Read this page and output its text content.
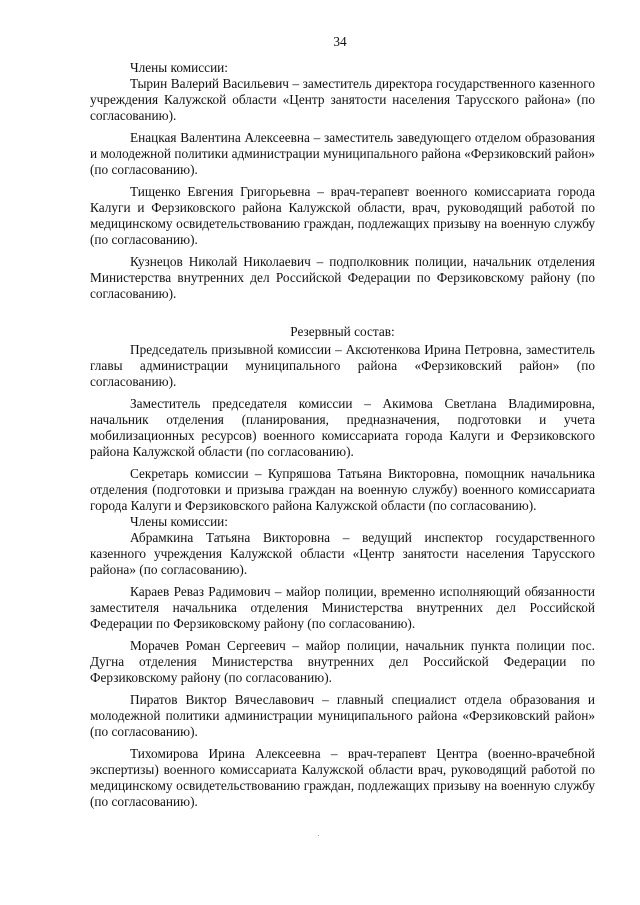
34

Члены комиссии:

Тырин Валерий Васильевич – заместитель директора государственного казенного учреждения Калужской области «Центр занятости населения Тарусского района» (по согласованию).

Енацкая Валентина Алексеевна – заместитель заведующего отделом образования и молодежной политики администрации муниципального района «Ферзиковский район» (по согласованию).

Тищенко Евгения Григорьевна – врач-терапевт военного комиссариата города Калуги и Ферзиковского района Калужской области, врач, руководящий работой по медицинскому освидетельствованию граждан, подлежащих призыву на военную службу (по согласованию).

Кузнецов Николай Николаевич – подполковник полиции, начальник отделения Министерства внутренних дел Российской Федерации по Ферзиковскому району (по согласованию).

Резервный состав:

Председатель призывной комиссии – Аксютенкова Ирина Петровна, заместитель главы администрации муниципального района «Ферзиковский район» (по согласованию).

Заместитель председателя комиссии – Акимова Светлана Владимировна, начальник отделения (планирования, предназначения, подготовки и учета мобилизационных ресурсов) военного комиссариата города Калуги и Ферзиковского района Калужской области (по согласованию).

Секретарь комиссии – Купряшова Татьяна Викторовна, помощник начальника отделения (подготовки и призыва граждан на военную службу) военного комиссариата города Калуги и Ферзиковского района Калужской области (по согласованию).

Члены комиссии:

Абрамкина Татьяна Викторовна – ведущий инспектор государственного казенного учреждения Калужской области «Центр занятости населения Тарусского района» (по согласованию).

Караев Реваз Радимович – майор полиции, временно исполняющий обязанности заместителя начальника отделения Министерства внутренних дел Российской Федерации по Ферзиковскому району (по согласованию).

Морачев Роман Сергеевич – майор полиции, начальник пункта полиции пос. Дугна отделения Министерства внутренних дел Российской Федерации по Ферзиковскому району (по согласованию).

Пиратов Виктор Вячеславович – главный специалист отдела образования и молодежной политики администрации муниципального района «Ферзиковский район» (по согласованию).

Тихомирова Ирина Алексеевна – врач-терапевт Центра (военно-врачебной экспертизы) военного комиссариата Калужской области врач, руководящий работой по медицинскому освидетельствованию граждан, подлежащих призыву на военную службу (по согласованию).
